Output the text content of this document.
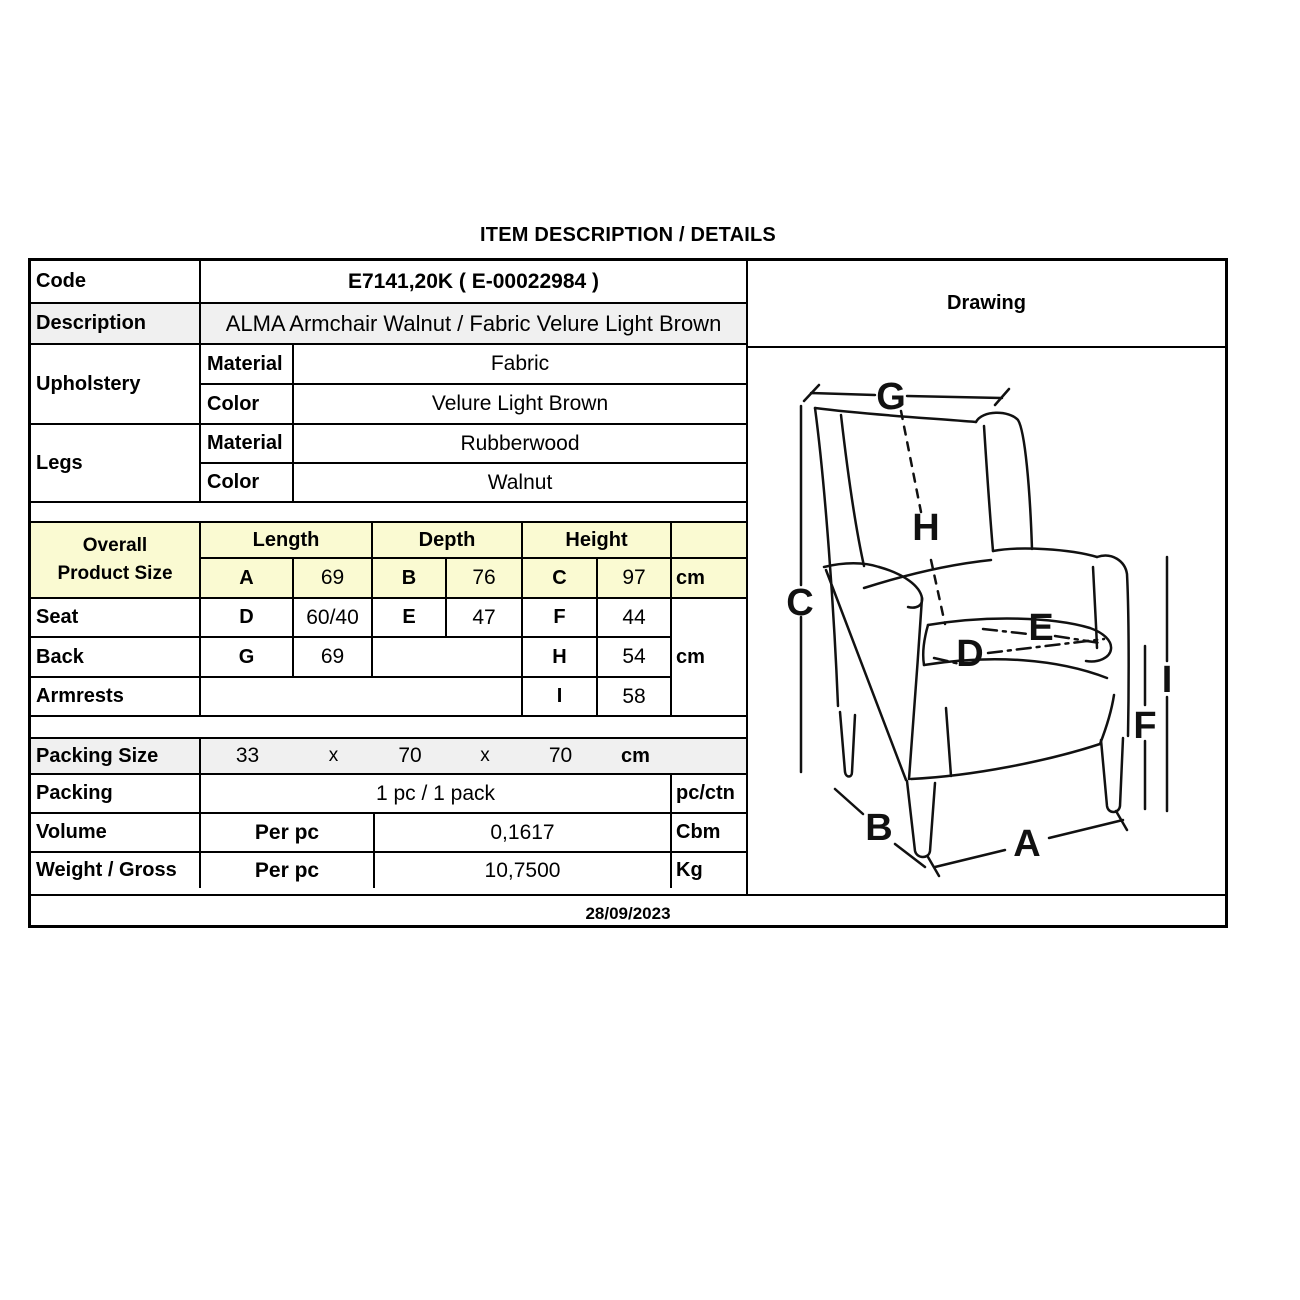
ITEM DESCRIPTION / DETAILS
Code	E7141,20K ( E-00022984 )	
Description	ALMA Armchair Walnut / Fabric Velure Light Brown	
Upholstery	Material	Fabric
	Color	Velure Light Brown
Legs	Material	Rubberwood
	Color	Walnut
Overall
Product Size	Length		Depth		Height		
	A	69	B	76	C	97	cm
Seat	D	60/40	E	47	F	44	cm
Back	G	69			H	54	
Armrests					I	58	
Packing Size	33	x	70	x	70	cm

Packing	1 pc / 1 pack		pc/ctn
Volume	Per pc	0,1617	Cbm
Weight / Gross	Per pc	10,7500	Kg
Drawing
G
C
H
E
D
I
F
B	A
28/09/2023
